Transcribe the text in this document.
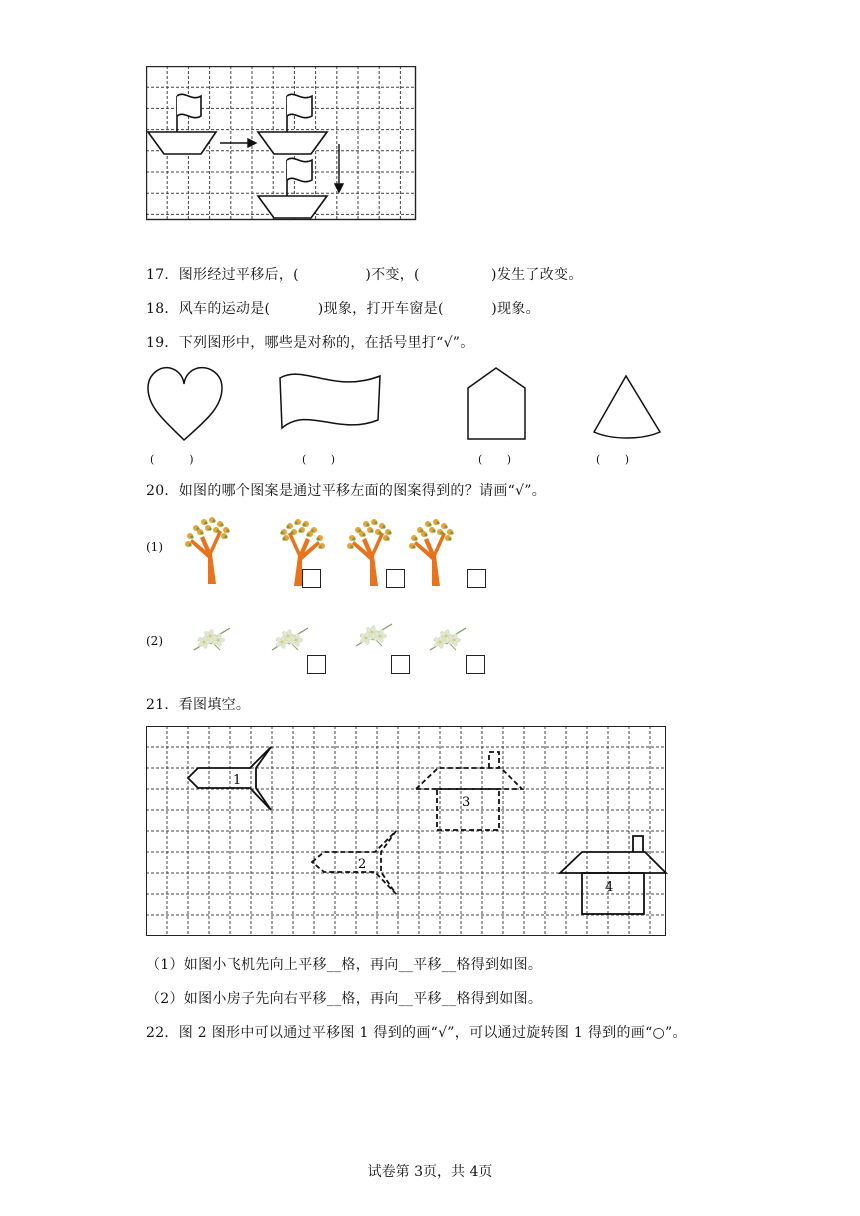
17．图形经过平移后，(              )不变，(               )发生了改变。
18．风车的运动是(          )现象，打开车窗是(          )现象。
19．下列图形中，哪些是对称的，在括号里打“√”。
(          )	(       )	(       )	(       )
20．如图的哪个图案是通过平移左面的图案得到的？请画“√”。
(1)
(2)
21．看图填空。
1
2
3
4
（1）如图小飞机先向上平移__格，再向__平移__格得到如图。
（2）如图小房子先向右平移__格，再向__平移__格得到如图。
22．图 2 图形中可以通过平移图 1 得到的画“√”，可以通过旋转图 1 得到的画“○”。
试卷第 3页，共 4页
